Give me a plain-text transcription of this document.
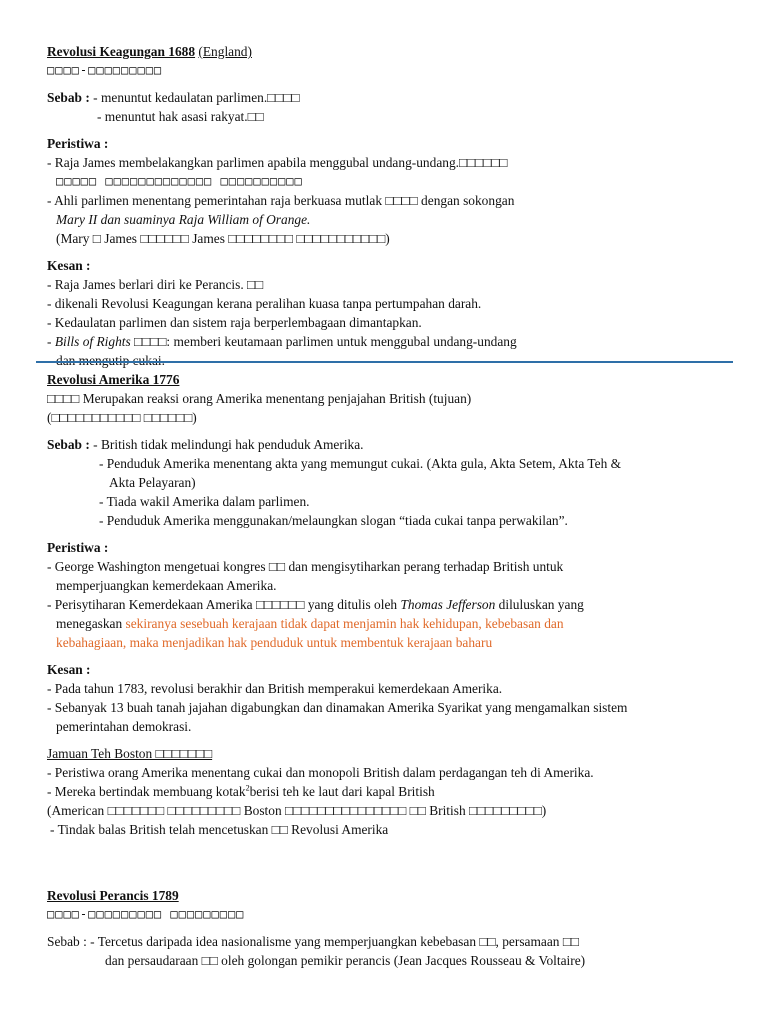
Revolusi Keagungan 1688 (England)
□□□□-□□□□□□□□□
Sebab : - menuntut kedaulatan parlimen.□□□□
- menuntut hak asasi rakyat.□□
Peristiwa :
- Raja James membelakangkan parlimen apabila menggubal undang-undang.□□□□□□
□□□□□ □□□□□□□□□□□□□ □□□□□□□□□□
- Ahli parlimen menentang pemerintahan raja berkuasa mutlak □□□□ dengan sokongan
Mary II dan suaminya Raja William of Orange.
(Mary □ James □□□□□□ James □□□□□□□□ □□□□□□□□□□□)
Kesan :
- Raja James berlari diri ke Perancis. □□
- dikenali Revolusi Keagungan kerana peralihan kuasa tanpa pertumpahan darah.
- Kedaulatan parlimen dan sistem raja berperlembagaan dimantapkan.
- Bills of Rights □□□□: memberi keutamaan parlimen untuk menggubal undang-undang
Revolusi Amerika 1776
□□□□ Merupakan reaksi orang Amerika menentang penjajahan British (tujuan)
(□□□□□□□□□□□ □□□□□□)
Sebab : - British tidak melindungi hak penduduk Amerika.
- Penduduk Amerika menentang akta yang memungut cukai. (Akta gula, Akta Setem, Akta Teh &
Akta Pelayaran)
- Tiada wakil Amerika dalam parlimen.
- Penduduk Amerika menggunakan/melaungkan slogan “tiada cukai tanpa perwakilan”.
Peristiwa :
- George Washington mengetuai kongres □□ dan mengisytiharkan perang terhadap British untuk
memperjuangkan kemerdekaan Amerika.
- Perisytiharan Kemerdekaan Amerika □□□□□□ yang ditulis oleh Thomas Jefferson diluluskan yang
menegaskan sekiranya sesebuah kerajaan tidak dapat menjamin hak kehidupan, kebebasan dan
kebahagiaan, maka menjadikan hak penduduk untuk membentuk kerajaan baharu
Kesan :
- Pada tahun 1783, revolusi berakhir dan British memperakui kemerdekaan Amerika.
- Sebanyak 13 buah tanah jajahan digabungkan dan dinamakan Amerika Syarikat yang mengamalkan sistem
pemerintahan demokrasi.
Jamuan Teh Boston □□□□□□□
- Peristiwa orang Amerika menentang cukai dan monopoli British dalam perdagangan teh di Amerika.
- Mereka bertindak membuang kotak$^2$berisi teh ke laut dari kapal British
(American □□□□□□□ □□□□□□□□□ Boston □□□□□□□□□□□□□□□ □□ British □□□□□□□□□)
- Tindak balas British telah mencetuskan □□ Revolusi Amerika
Revolusi Perancis 1789
□□□□-□□□□□□□□□ □□□□□□□□□
Sebab : - Tercetus daripada idea nasionalisme yang memperjuangkan kebebasan □□, persamaan □□
dan persaudaraan □□ oleh golongan pemikir perancis (Jean Jacques Rousseau & Voltaire)
